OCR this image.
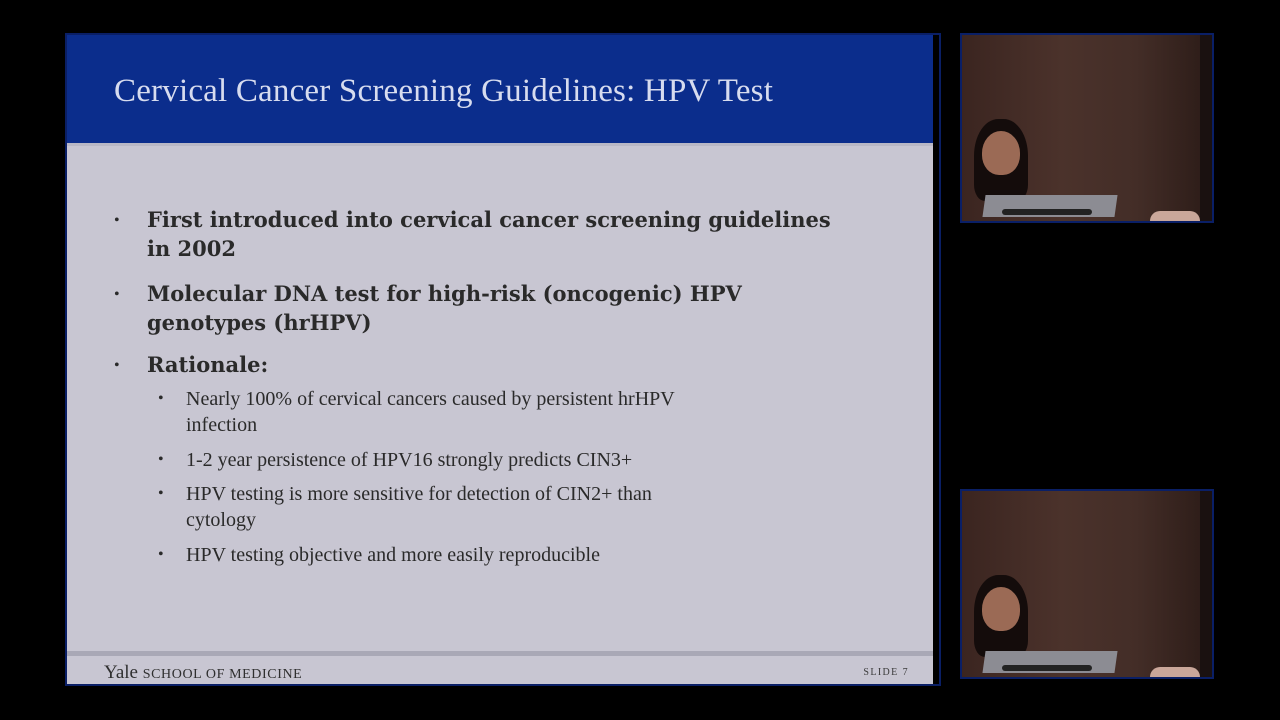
Cervical Cancer Screening Guidelines: HPV Test
• First introduced into cervical cancer screening guidelines
in 2002
• Molecular DNA test for high-risk (oncogenic) HPV
genotypes (hrHPV)
• Rationale:
• Nearly 100% of cervical cancers caused by persistent hrHPV
infection
• 1-2 year persistence of HPV16 strongly predicts CIN3+
• HPV testing is more sensitive for detection of CIN2+ than
cytology
• HPV testing objective and more easily reproducible
Yale SCHOOL OF MEDICINE	SLIDE 7
